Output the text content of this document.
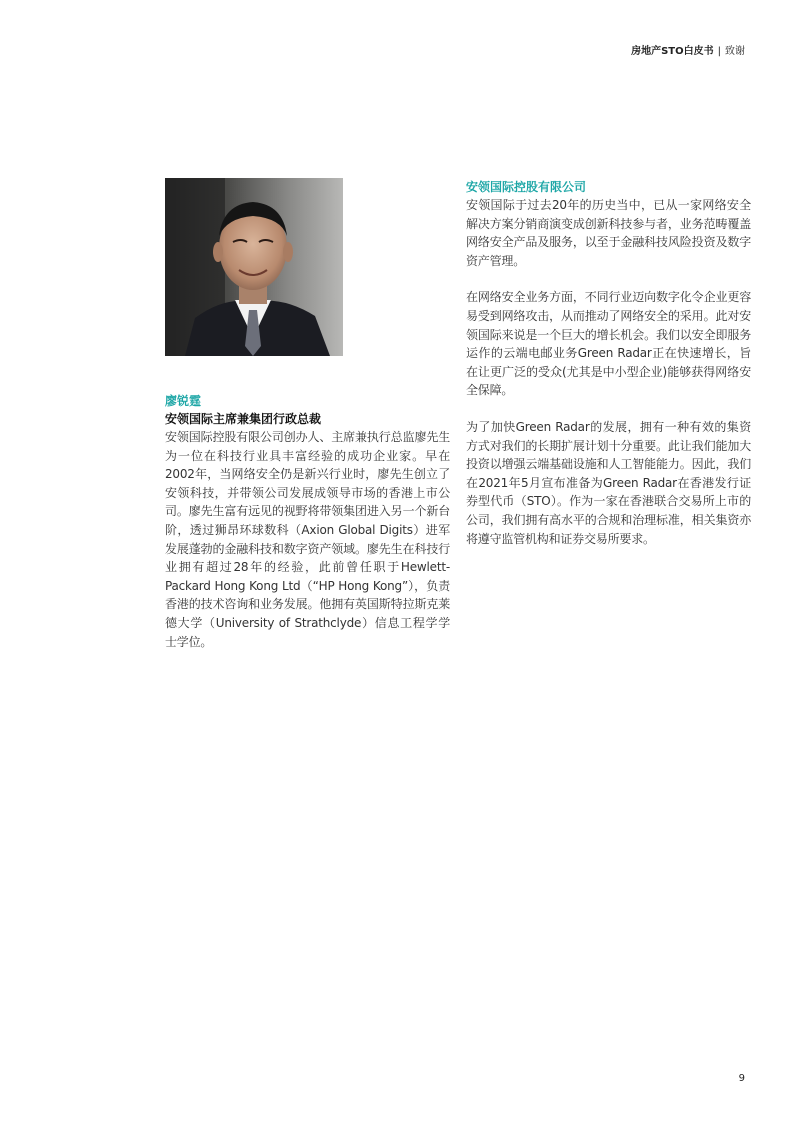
房地产STO白皮书 | 致谢
廖锐霆
安领国际主席兼集团行政总裁

安领国际控股有限公司创办人、主席兼执行总监廖先生为一位在科技行业具丰富经验的成功企业家。早在2002年，当网络安全仍是新兴行业时，廖先生创立了安领科技，并带领公司发展成领导市场的香港上市公司。廖先生富有远见的视野将带领集团进入另一个新台阶，透过狮昂环球数科（Axion Global Digits）进军发展蓬勃的金融科技和数字资产领域。廖先生在科技行业拥有超过28年的经验，此前曾任职于Hewlett-Packard Hong Kong Ltd（“HP Hong Kong”），负责香港的技术咨询和业务发展。他拥有英国斯特拉斯克莱德大学（University of Strathclyde）信息工程学学士学位。

安领国际控股有限公司

安领国际于过去20年的历史当中，已从一家网络安全解决方案分销商演变成创新科技参与者，业务范畴覆盖网络安全产品及服务，以至于金融科技风险投资及数字资产管理。

在网络安全业务方面，不同行业迈向数字化令企业更容易受到网络攻击，从而推动了网络安全的采用。此对安领国际来说是一个巨大的增长机会。我们以安全即服务运作的云端电邮业务Green Radar正在快速增长，旨在让更广泛的受众(尤其是中小型企业)能够获得网络安全保障。

为了加快Green Radar的发展，拥有一种有效的集资方式对我们的长期扩展计划十分重要。此让我们能加大投资以增强云端基础设施和人工智能能力。因此，我们在2021年5月宣布准备为Green Radar在香港发行证券型代币（STO）。作为一家在香港联合交易所上市的公司，我们拥有高水平的合规和治理标准，相关集资亦将遵守监管机构和证券交易所要求。

9
